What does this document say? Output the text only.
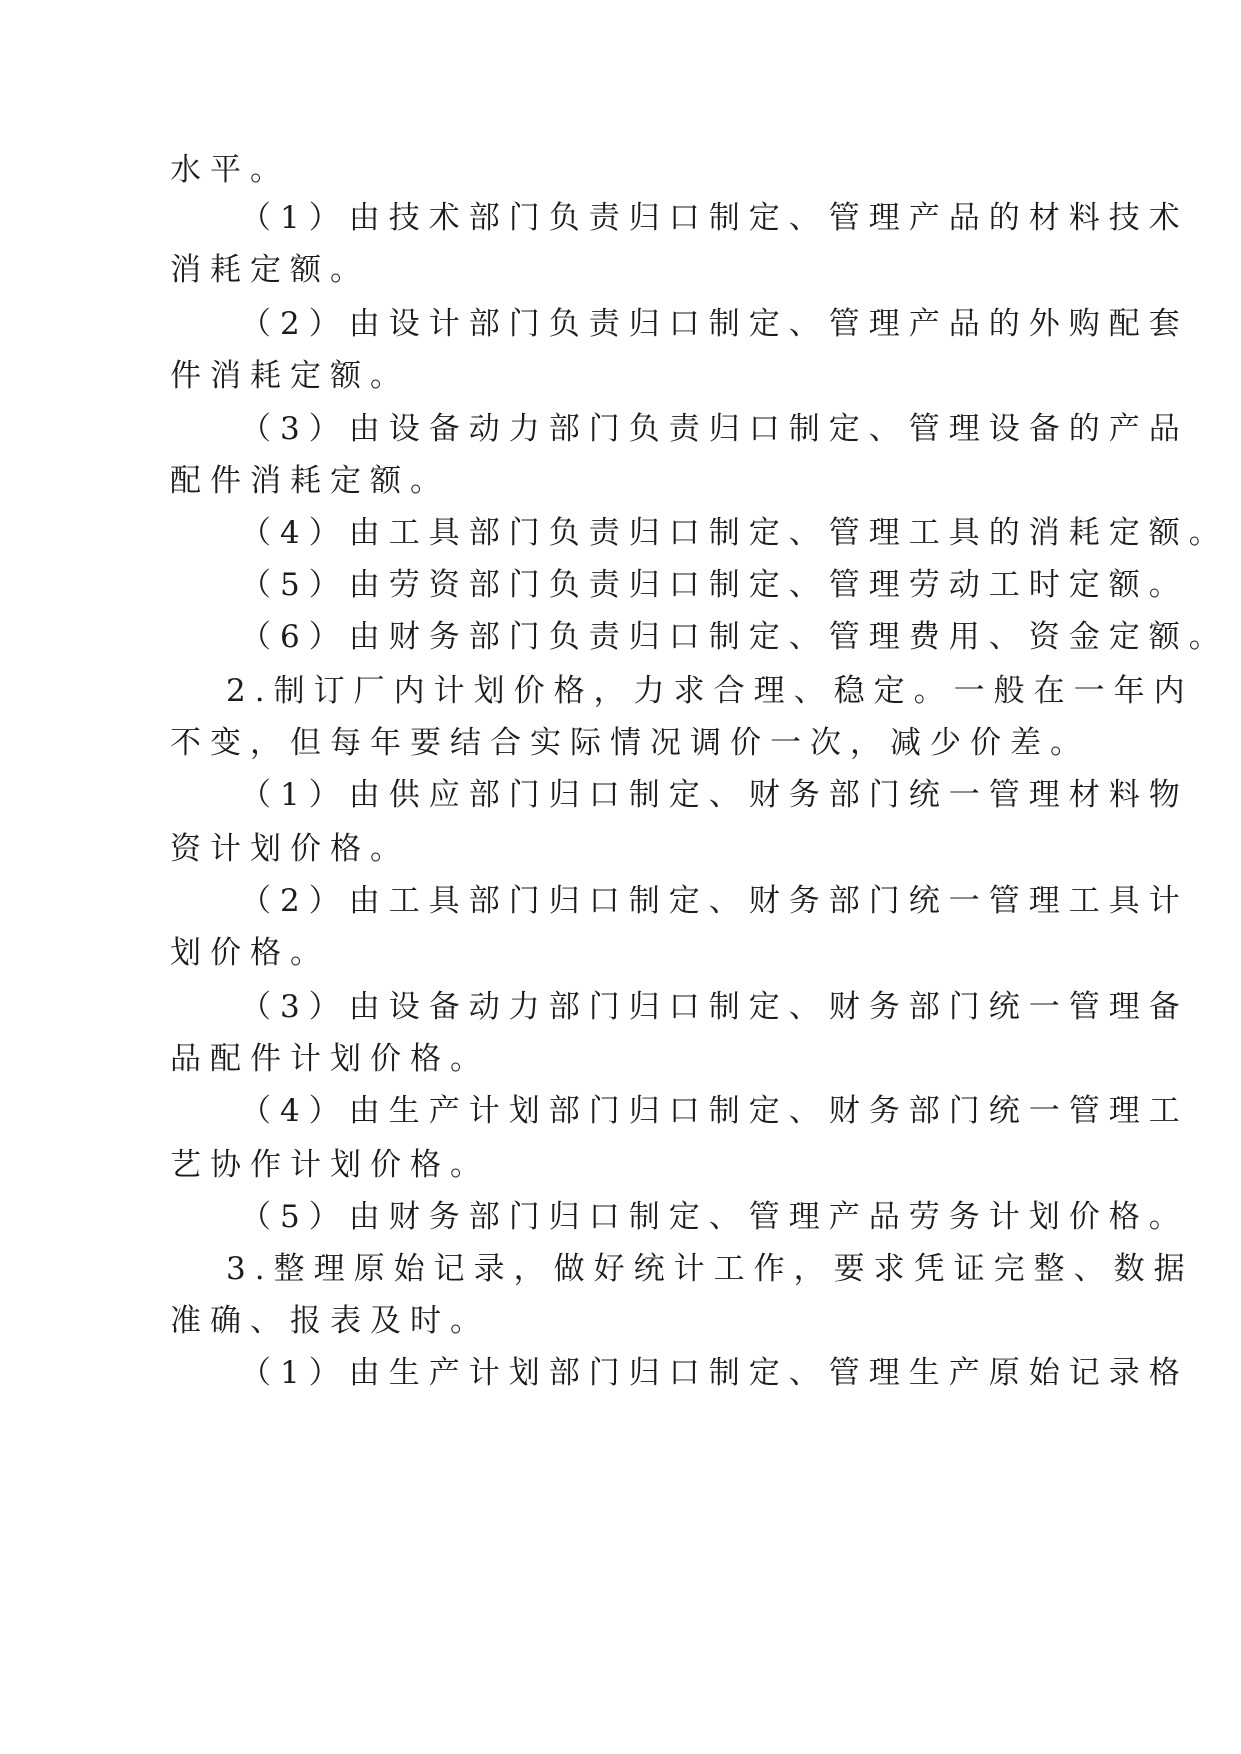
水平。
（1）由技术部门负责归口制定、管理产品的材料技术
消耗定额。
（2）由设计部门负责归口制定、管理产品的外购配套
件消耗定额。
（3）由设备动力部门负责归口制定、管理设备的产品
配件消耗定额。
（4）由工具部门负责归口制定、管理工具的消耗定额。
（5）由劳资部门负责归口制定、管理劳动工时定额。
（6）由财务部门负责归口制定、管理费用、资金定额。
2.制订厂内计划价格，力求合理、稳定。一般在一年内
不变，但每年要结合实际情况调价一次，减少价差。
（1）由供应部门归口制定、财务部门统一管理材料物
资计划价格。
（2）由工具部门归口制定、财务部门统一管理工具计
划价格。
（3）由设备动力部门归口制定、财务部门统一管理备
品配件计划价格。
（4）由生产计划部门归口制定、财务部门统一管理工
艺协作计划价格。
（5）由财务部门归口制定、管理产品劳务计划价格。
3.整理原始记录，做好统计工作，要求凭证完整、数据
准确、报表及时。
（1）由生产计划部门归口制定、管理生产原始记录格
